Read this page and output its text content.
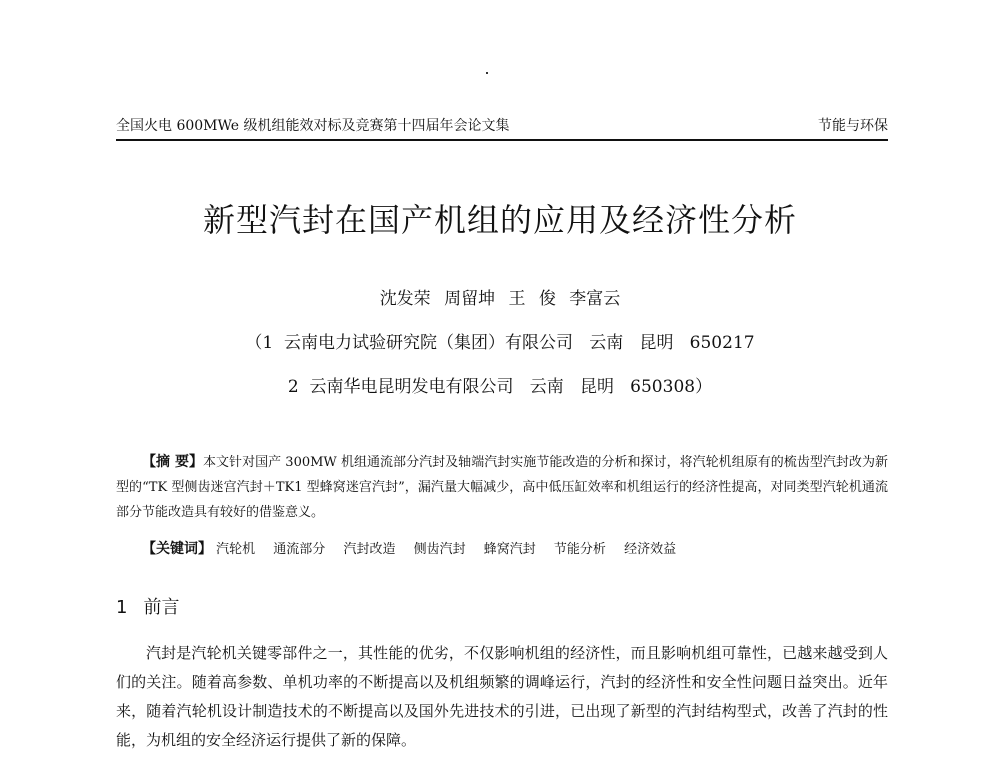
全国火电 600MWe 级机组能效对标及竞赛第十四届年会论文集	节能与环保
新型汽封在国产机组的应用及经济性分析
沈发荣 周留坤 王 俊 李富云
（1  云南电力试验研究院（集团）有限公司   云南   昆明   650217
2  云南华电昆明发电有限公司   云南   昆明   650308）

【摘 要】本文针对国产 300MW 机组通流部分汽封及轴端汽封实施节能改造的分析和探讨，将汽轮机组原有的梳齿型汽封改为新型的“TK 型侧齿迷宫汽封＋TK1 型蜂窝迷宫汽封”，漏汽量大幅减少，高中低压缸效率和机组运行的经济性提高，对同类型汽轮机通流部分节能改造具有较好的借鉴意义。

【关键词】 汽轮机 通流部分 汽封改造 侧齿汽封 蜂窝汽封 节能分析 经济效益
1 前言

汽封是汽轮机关键零部件之一，其性能的优劣，不仅影响机组的经济性，而且影响机组可靠性，已越来越受到人们的关注。随着高参数、单机功率的不断提高以及机组频繁的调峰运行，汽封的经济性和安全性问题日益突出。近年来，随着汽轮机设计制造技术的不断提高以及国外先进技术的引进，已出现了新型的汽封结构型式，改善了汽封的性能，为机组的安全经济运行提供了新的保障。
